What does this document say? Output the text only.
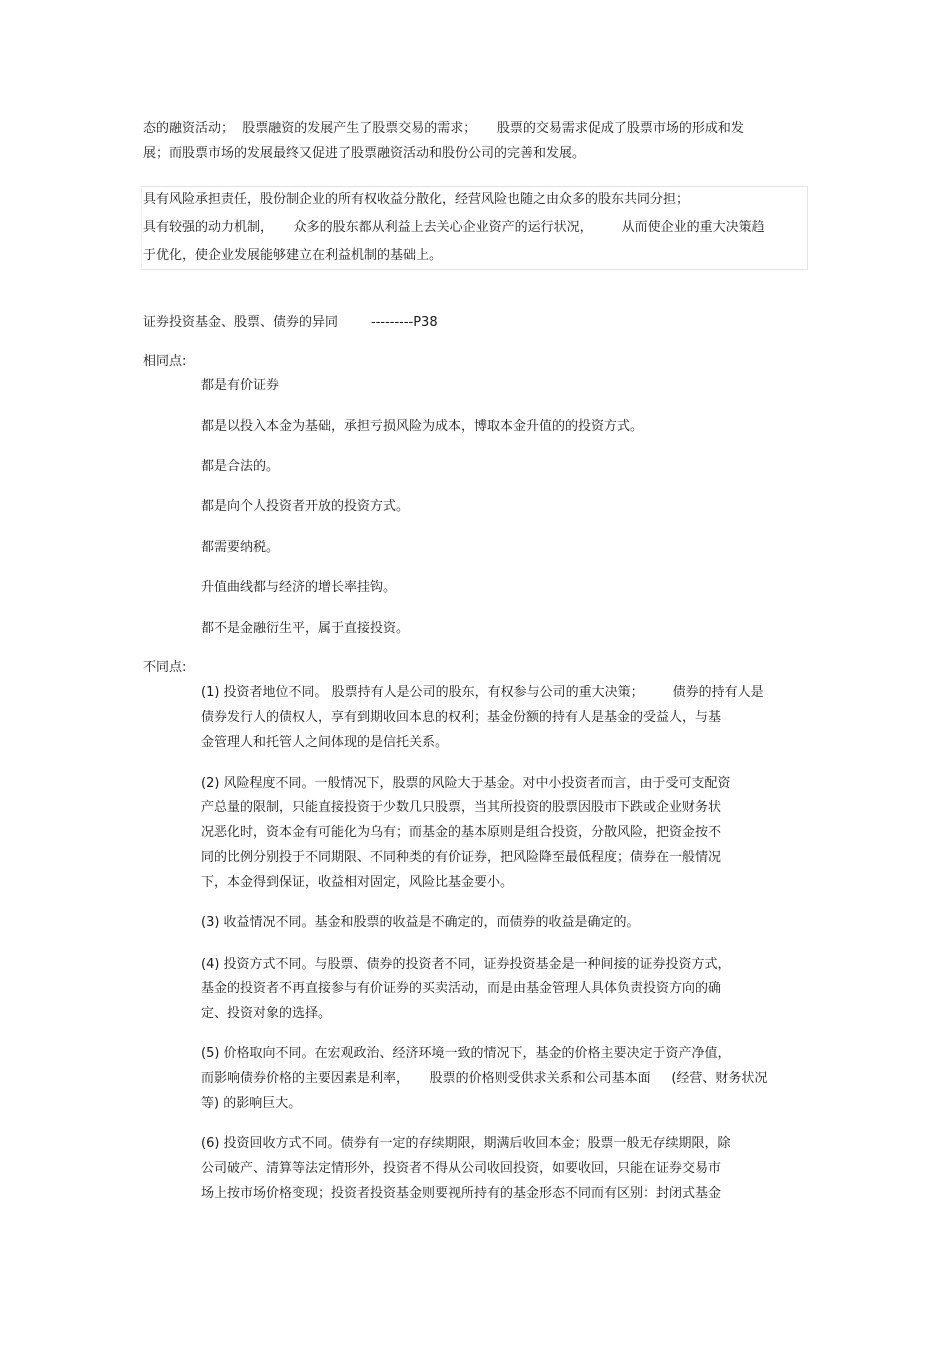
态的融资活动；  股票融资的发展产生了股票交易的需求；     股票的交易需求促成了股票市场的形成和发
展；而股票市场的发展最终又促进了股票融资活动和股份公司的完善和发展。
具有风险承担责任，股份制企业的所有权收益分散化，经营风险也随之由众多的股东共同分担；
具有较强的动力机制，     众多的股东都从利益上去关心企业资产的运行状况，       从而使企业的重大决策趋
于优化，使企业发展能够建立在利益机制的基础上。
证券投资基金、股票、债券的异同	---------P38
相同点:
都是有价证券
都是以投入本金为基础，承担亏损风险为成本，博取本金升值的的投资方式。
都是合法的。
都是向个人投资者开放的投资方式。
都需要纳税。
升值曲线都与经济的增长率挂钩。
都不是金融衍生平，属于直接投资。
不同点:
(1) 投资者地位不同。 股票持有人是公司的股东，有权参与公司的重大决策；       债券的持有人是
债券发行人的债权人，享有到期收回本息的权利；基金份额的持有人是基金的受益人，与基
金管理人和托管人之间体现的是信托关系。
(2) 风险程度不同。一般情况下，股票的风险大于基金。对中小投资者而言，由于受可支配资
产总量的限制，只能直接投资于少数几只股票，当其所投资的股票因股市下跌或企业财务状
况恶化时，资本金有可能化为乌有；而基金的基本原则是组合投资，分散风险，把资金按不
同的比例分别投于不同期限、不同种类的有价证券，把风险降至最低程度；债券在一般情况
下，本金得到保证，收益相对固定，风险比基金要小。
(3) 收益情况不同。基金和股票的收益是不确定的，而债券的收益是确定的。
(4) 投资方式不同。与股票、债券的投资者不同，证券投资基金是一种间接的证券投资方式，
基金的投资者不再直接参与有价证券的买卖活动，而是由基金管理人具体负责投资方向的确
定、投资对象的选择。
(5) 价格取向不同。在宏观政治、经济环境一致的情况下，基金的价格主要决定于资产净值，
而影响债券价格的主要因素是利率，     股票的价格则受供求关系和公司基本面     (经营、财务状况
等) 的影响巨大。
(6) 投资回收方式不同。债券有一定的存续期限，期满后收回本金；股票一般无存续期限，除
公司破产、清算等法定情形外，投资者不得从公司收回投资，如要收回，只能在证券交易市
场上按市场价格变现；投资者投资基金则要视所持有的基金形态不同而有区别：封闭式基金
